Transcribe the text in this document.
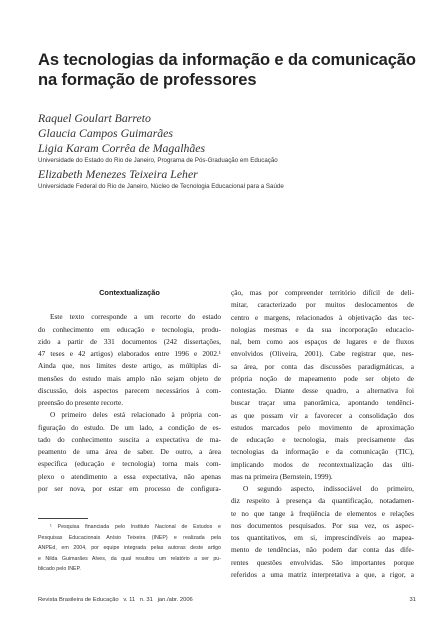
As tecnologias da informação e da comunicação
na formação de professores
Raquel Goulart Barreto
Glaucia Campos Guimarães
Ligia Karam Corrêa de Magalhães
Universidade do Estado do Rio de Janeiro, Programa de Pós-Graduação em Educação
Elizabeth Menezes Teixeira Leher
Universidade Federal do Rio de Janeiro, Núcleo de Tecnologia Educacional para a Saúde
Contextualização
Este texto corresponde a um recorte do estado
do conhecimento em educação e tecnologia, produ-
zido a partir de 331 documentos (242 dissertações,
47 teses e 42 artigos) elaborados entre 1996 e 2002.¹
Ainda que, nos limites deste artigo, as múltiplas di-
mensões do estudo mais amplo não sejam objeto de
discussão, dois aspectos parecem necessários à com-
preensão do presente recorte.
O primeiro deles está relacionado à própria con-
figuração do estudo. De um lado, a condição de es-
tado do conhecimento suscita a expectativa de ma-
peamento de uma área de saber. De outro, a área
específica (educação e tecnologia) torna mais com-
plexo o atendimento a essa expectativa, não apenas
por ser nova, por estar em processo de configura-
ção, mas por compreender território difícil de deli-
mitar, caracterizado por muitos deslocamentos de
centro e margens, relacionados à objetivação das tec-
nologias mesmas e da sua incorporação educacio-
nal, bem como aos espaços de lugares e de fluxos
envolvidos (Oliveira, 2001). Cabe registrar que, nes-
sa área, por conta das discussões paradigmáticas, a
própria noção de mapeamento pode ser objeto de
contestação. Diante desse quadro, a alternativa foi
buscar traçar uma panorâmica, apontando tendênci-
as que possam vir a favorecer a consolidação dos
estudos marcados pelo movimento de aproximação
de educação e tecnologia, mais precisamente das
tecnologias da informação e da comunicação (TIC),
implicando modos de recontextualização das últi-
mas na primeira (Bernstein, 1999).
O segundo aspecto, indissociável do primeiro,
diz respeito à presença da quantificação, notadamen-
te no que tange à freqüência de elementos e relações
nos documentos pesquisados. Por sua vez, os aspec-
tos quantitativos, em si, imprescindíveis ao mapea-
mento de tendências, não podem dar conta das dife-
rentes questões envolvidas. São importantes porque
referidos a uma matriz interpretativa a que, a rigor, a
¹ Pesquisa financiada pelo Instituto Nacional de Estudos e
Pesquisas Educacionais Anísio Teixeira (INEP) e realizada pela
ANPEd, em 2004, por equipe integrada pelas autoras deste artigo
e Nilda Guimarães Alves, da qual resultou um relatório a ser pu-
blicado pelo INEP.
Revista Brasileira de Educação   v. 11   n. 31   jan./abr. 2006	31
